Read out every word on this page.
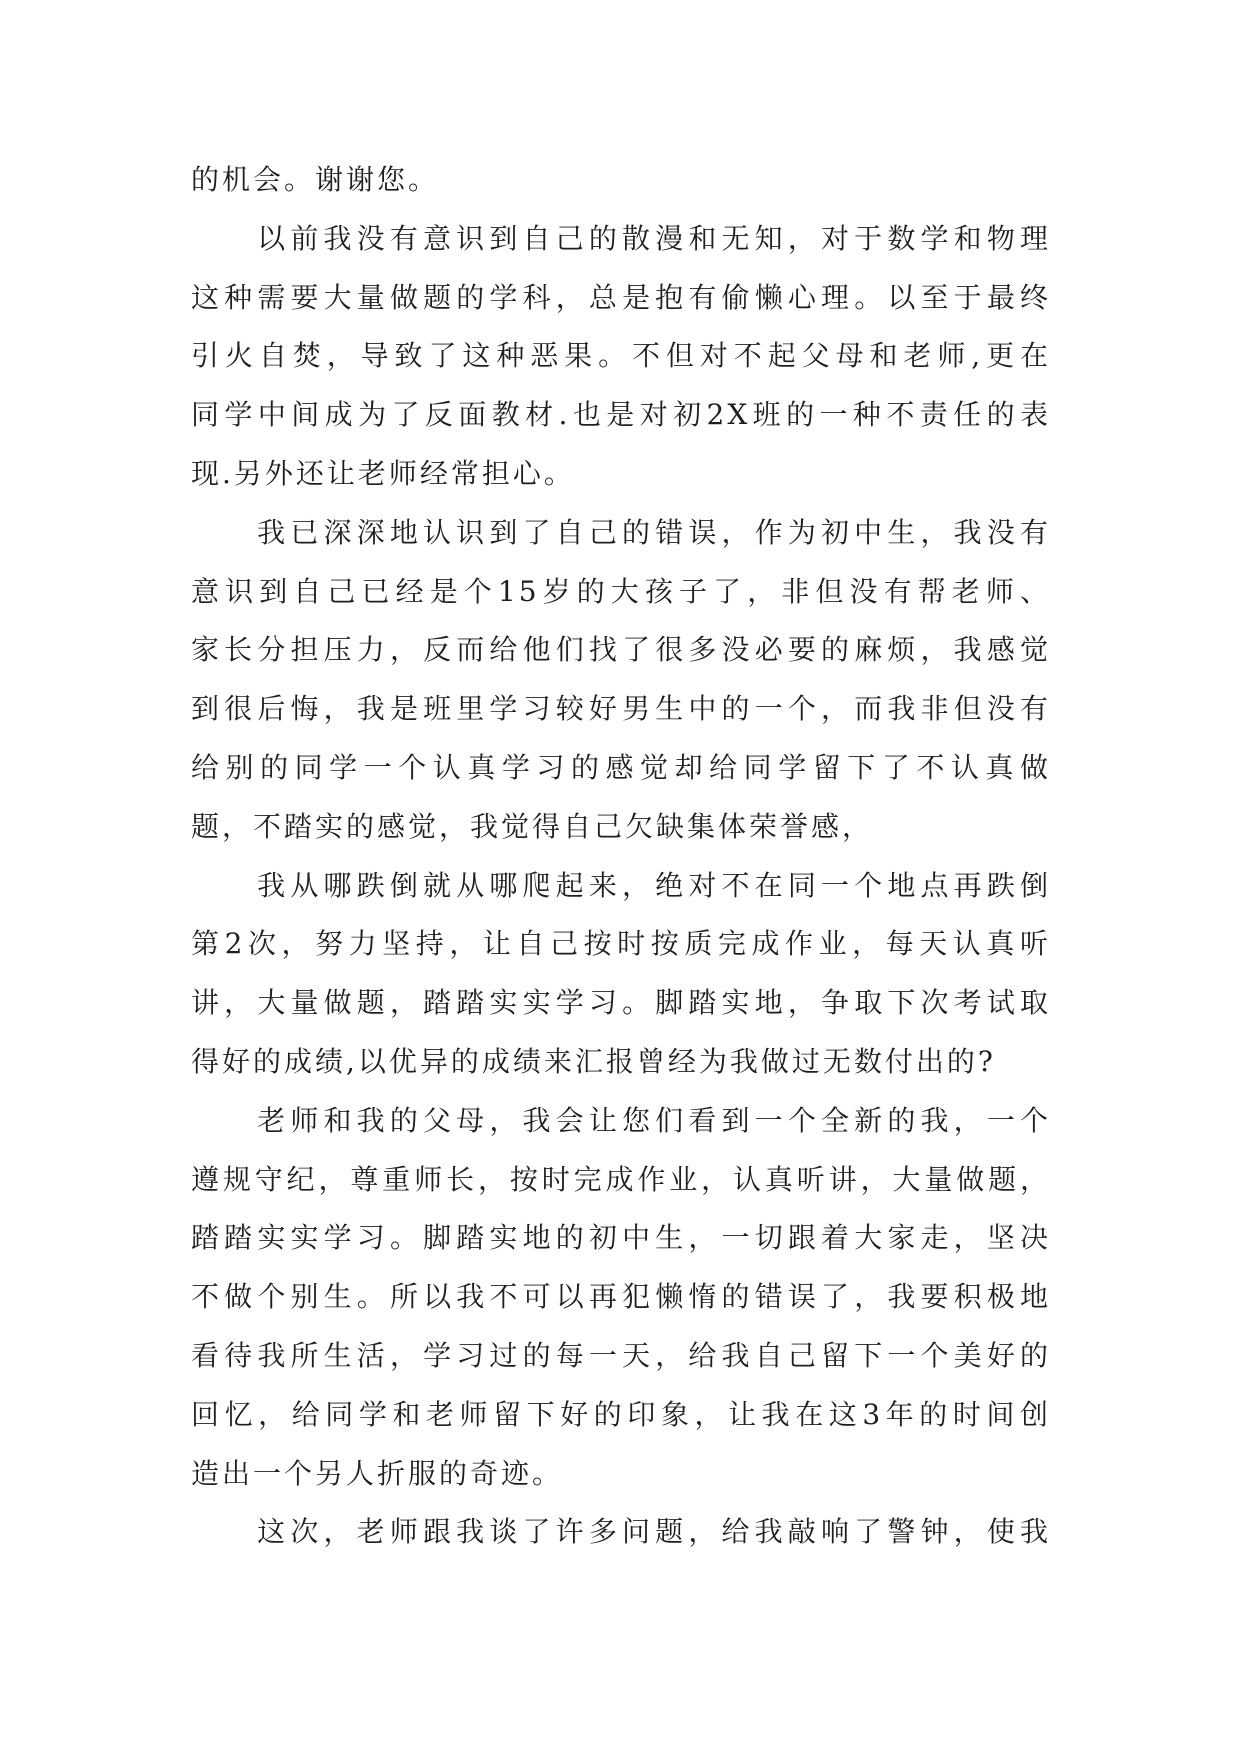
的机会。谢谢您。
以前我没有意识到自己的散漫和无知，对于数学和物理
这种需要大量做题的学科，总是抱有偷懒心理。以至于最终
引火自焚，导致了这种恶果。不但对不起父母和老师,更在
同学中间成为了反面教材.也是对初2X班的一种不责任的表
现.另外还让老师经常担心。
我已深深地认识到了自己的错误，作为初中生，我没有
意识到自己已经是个15岁的大孩子了，非但没有帮老师、
家长分担压力，反而给他们找了很多没必要的麻烦，我感觉
到很后悔，我是班里学习较好男生中的一个，而我非但没有
给别的同学一个认真学习的感觉却给同学留下了不认真做
题，不踏实的感觉，我觉得自己欠缺集体荣誉感，
我从哪跌倒就从哪爬起来，绝对不在同一个地点再跌倒
第2次，努力坚持，让自己按时按质完成作业，每天认真听
讲，大量做题，踏踏实实学习。脚踏实地，争取下次考试取
得好的成绩,以优异的成绩来汇报曾经为我做过无数付出的?
老师和我的父母，我会让您们看到一个全新的我，一个
遵规守纪，尊重师长，按时完成作业，认真听讲，大量做题，
踏踏实实学习。脚踏实地的初中生，一切跟着大家走，坚决
不做个别生。所以我不可以再犯懒惰的错误了，我要积极地
看待我所生活，学习过的每一天，给我自己留下一个美好的
回忆，给同学和老师留下好的印象，让我在这3年的时间创
造出一个另人折服的奇迹。
这次，老师跟我谈了许多问题，给我敲响了警钟，使我
